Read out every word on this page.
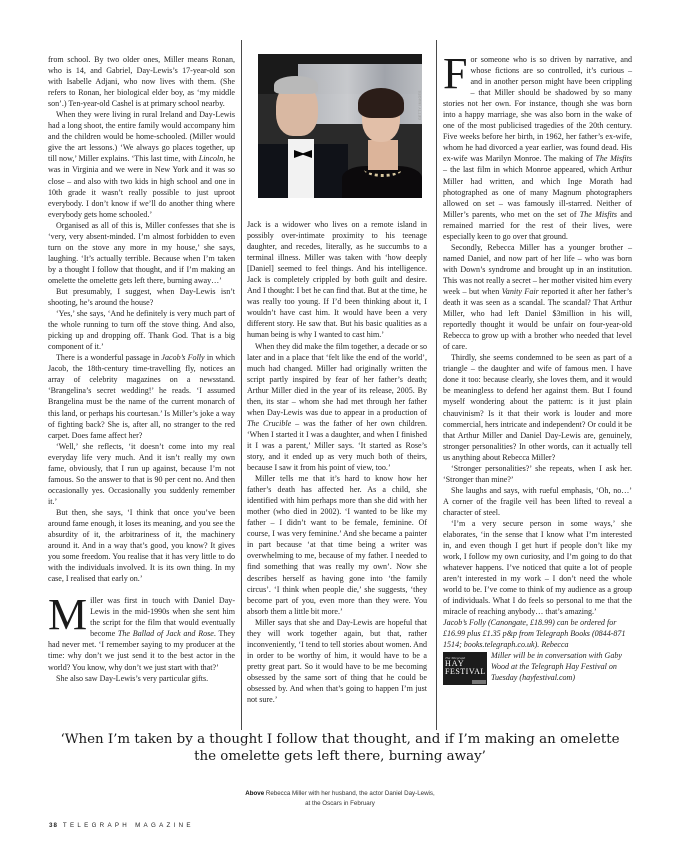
from school. By two older ones, Miller means Ronan, who is 14, and Gabriel, Day-Lewis’s 17-year-old son with Isabelle Adjani, who now lives with them. (She refers to Ronan, her biological elder boy, as ‘my middle son’.) Ten-year-old Cashel is at primary school nearby.

When they were living in rural Ireland and Day-Lewis had a long shoot, the entire family would accompany him and the children would be home-schooled. (Miller would give the art lessons.) ‘We always go places together, up till now,’ Miller explains. ‘This last time, with Lincoln, he was in Virginia and we were in New York and it was so close – and also with two kids in high school and one in 10th grade it wasn’t really possible to just uproot everybody. I don’t know if we’ll do another thing where everybody gets home schooled.’

Organised as all of this is, Miller confesses that she is ‘very, very absent-minded. I’m almost forbidden to even turn on the stove any more in my house,’ she says, laughing. ‘It’s actually terrible. Because when I’m taken by a thought I follow that thought, and if I’m making an omelette the omelette gets left there, burning away…’

But presumably, I suggest, when Day-Lewis isn’t shooting, he’s around the house?

‘Yes,’ she says, ‘And he definitely is very much part of the whole running to turn off the stove thing. And also, picking up and dropping off. Thank God. That is a big component of it.’

There is a wonderful passage in Jacob’s Folly in which Jacob, the 18th-century time-travelling fly, notices an array of celebrity magazines on a newsstand. ‘Brangelina’s secret wedding!’ he reads. ‘I assumed Brangelina must be the name of the current monarch of this land, or perhaps his courtesan.’ Is Miller’s joke a way of fighting back? She is, after all, no stranger to the red carpet. Does fame affect her?

‘Well,’ she reflects, ‘it doesn’t come into my real everyday life very much. And it isn’t really my own fame, obviously, that I run up against, because I’m not famous. So the answer to that is 90 per cent no. And then occasionally yes. Occasionally you suddenly remember it.’

But then, she says, ‘I think that once you’ve been around fame enough, it loses its meaning, and you see the absurdity of it, the arbitrariness of it, the machinery around it. And in a way that’s good, you know? It gives you some freedom. You realise that it has very little to do with the individuals involved. It is its own thing. In my case, I realised that early on.’

Miller was first in touch with Daniel Day-Lewis in the mid-1990s when she sent him the script for the film that would eventually become The Ballad of Jack and Rose. They had never met. ‘I remember saying to my producer at the time: why don’t we just send it to the best actor in the world? You know, why don’t we just start with that?’

She also saw Day-Lewis’s very particular gifts.

GETTY IMAGES

Jack is a widower who lives on a remote island in possibly over-intimate proximity to his teenage daughter, and recedes, literally, as he succumbs to a terminal illness. Miller was taken with ‘how deeply [Daniel] seemed to feel things. And his intelligence. Jack is completely crippled by both guilt and desire. And I thought: I bet he can find that. But at the time, he was really too young. If I’d been thinking about it, I wouldn’t have cast him. It would have been a very different story. He saw that. But his basic qualities as a human being is why I wanted to cast him.’

When they did make the film together, a decade or so later and in a place that ‘felt like the end of the world’, much had changed. Miller had originally written the script partly inspired by fear of her father’s death; Arthur Miller died in the year of its release, 2005. By then, its star – whom she had met through her father when Day-Lewis was due to appear in a production of The Crucible – was the father of her own children. ‘When I started it I was a daughter, and when I finished it I was a parent,’ Miller says. ‘It started as Rose’s story, and it ended up as very much both of theirs, because I saw it from his point of view, too.’

Miller tells me that it’s hard to know how her father’s death has affected her. As a child, she identified with him perhaps more than she did with her mother (who died in 2002). ‘I wanted to be like my father – I didn’t want to be female, feminine. Of course, I was very feminine.’ And she became a painter in part because ‘at that time being a writer was overwhelming to me, because of my father. I needed to find something that was really my own’. Now she describes herself as having gone into ‘the family circus’. ‘I think when people die,’ she suggests, ‘they become part of you, even more than they were. You absorb them a little bit more.’

Miller says that she and Day-Lewis are hopeful that they will work together again, but that, rather inconveniently, ‘I tend to tell stories about women. And in order to be worthy of him, it would have to be a pretty great part. So it would have to be me becoming obsessed by the same sort of thing that he could be obsessed by. And when that’s going to happen I’m just not sure.’

For someone who is so driven by narrative, and whose fictions are so controlled, it’s curious – and in another person might have been crippling – that Miller should be shadowed by so many stories not her own. For instance, though she was born into a happy marriage, she was also born in the wake of one of the most publicised tragedies of the 20th century. Five weeks before her birth, in 1962, her father’s ex-wife, whom he had divorced a year earlier, was found dead. His ex-wife was Marilyn Monroe. The making of The Misfits – the last film in which Monroe appeared, which Arthur Miller had written, and which Inge Morath had photographed as one of many Magnum photographers allowed on set – was famously ill-starred. Neither of Miller’s parents, who met on the set of The Misfits and remained married for the rest of their lives, were especially keen to go over that ground.

Secondly, Rebecca Miller has a younger brother – named Daniel, and now part of her life – who was born with Down’s syndrome and brought up in an institution. This was not really a secret – her mother visited him every week – but when Vanity Fair reported it after her father’s death it was seen as a scandal. The scandal? That Arthur Miller, who had left Daniel $3million in his will, reportedly thought it would be unfair on four-year-old Rebecca to grow up with a brother who needed that level of care.

Thirdly, she seems condemned to be seen as part of a triangle – the daughter and wife of famous men. I have done it too: because clearly, she loves them, and it would be meaningless to defend her against them. But I found myself wondering about the pattern: is it just plain chauvinism? Is it that their work is louder and more commercial, hers intricate and independent? Or could it be that Arthur Miller and Daniel Day-Lewis are, genuinely, stronger personalities? In other words, can it actually tell us anything about Rebecca Miller?

‘Stronger personalities?’ she repeats, when I ask her. ‘Stronger than mine?’

She laughs and says, with rueful emphasis, ‘Oh, no…’ A corner of the fragile veil has been lifted to reveal a character of steel.

‘I’m a very secure person in some ways,’ she elaborates, ‘in the sense that I know what I’m interested in, and even though I get hurt if people don’t like my work, I follow my own curiosity, and I’m going to do that whatever happens. I’ve noticed that quite a lot of people aren’t interested in my work – I don’t need the whole world to be. I’ve come to think of my audience as a group of individuals. What I do feels so personal to me that the miracle of reaching anybody… that’s amazing.’

Jacob’s Folly (Canongate, £18.99) can be ordered for £16.99 plus £1.35 p&p from Telegraph Books (0844-871 1514; books.telegraph.co.uk). Rebecca

The Telegraph
HAY
FESTIVAL
Miller will be in conversation with Gaby Wood at the Telegraph Hay Festival on Tuesday (hayfestival.com)

‘When I’m taken by a thought I follow that thought, and if I’m making an omelette
the omelette gets left there, burning away’
Above Rebecca Miller with her husband, the actor Daniel Day-Lewis,
at the Oscars in February
38 TELEGRAPH MAGAZINE
